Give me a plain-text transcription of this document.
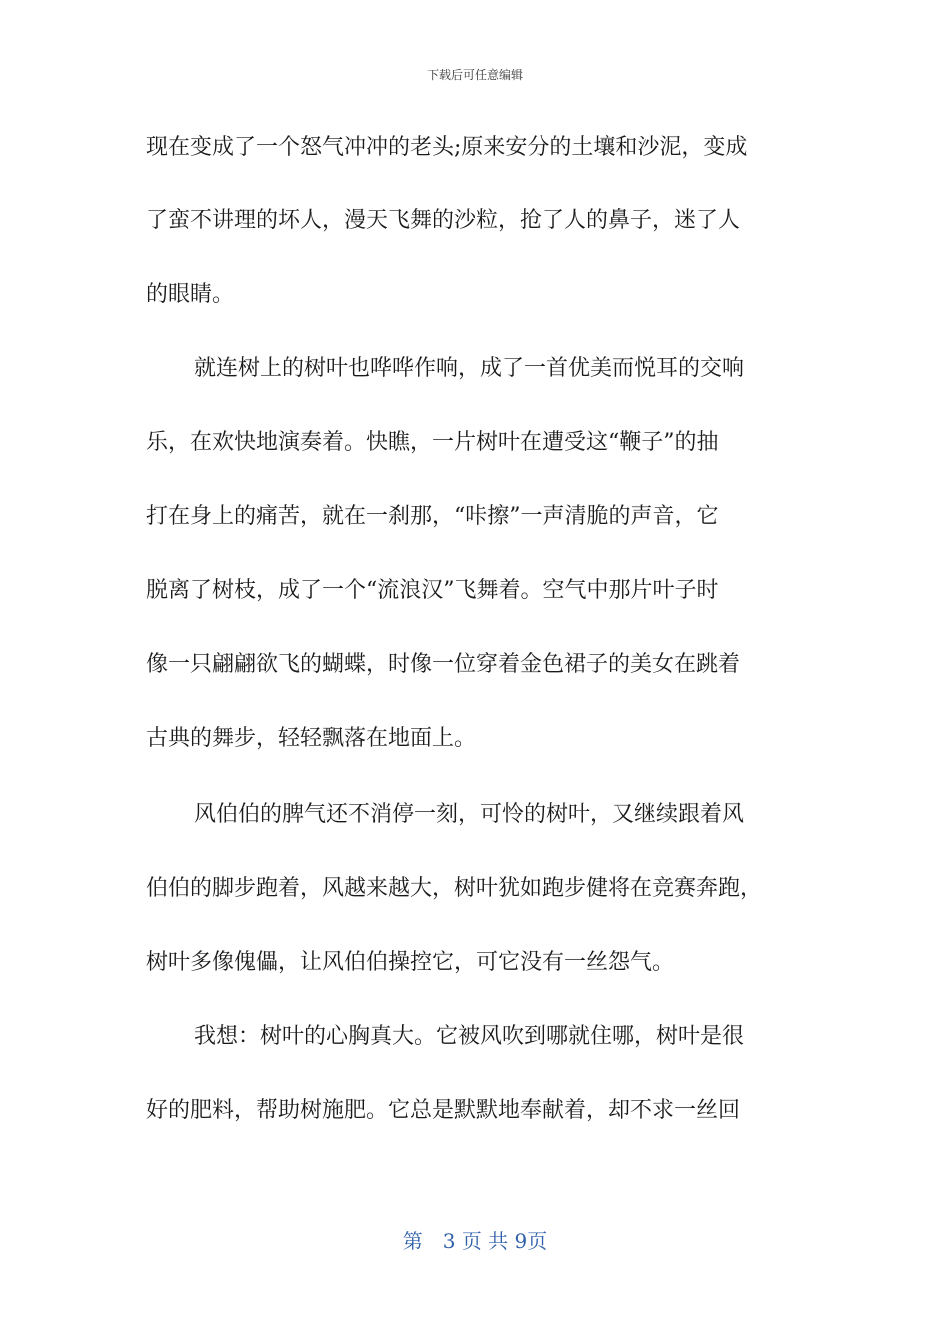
下载后可任意编辑
现在变成了一个怒气冲冲的老头;原来安分的土壤和沙泥，变成
了蛮不讲理的坏人，漫天飞舞的沙粒，抢了人的鼻子，迷了人
的眼睛。
就连树上的树叶也哗哗作响，成了一首优美而悦耳的交响
乐，在欢快地演奏着。快瞧，一片树叶在遭受这“鞭子”的抽
打在身上的痛苦，就在一刹那，“咔擦”一声清脆的声音，它
脱离了树枝，成了一个“流浪汉”飞舞着。空气中那片叶子时
像一只翩翩欲飞的蝴蝶，时像一位穿着金色裙子的美女在跳着
古典的舞步，轻轻飘落在地面上。
风伯伯的脾气还不消停一刻，可怜的树叶，又继续跟着风
伯伯的脚步跑着，风越来越大，树叶犹如跑步健将在竞赛奔跑，
树叶多像傀儡，让风伯伯操控它，可它没有一丝怨气。
我想：树叶的心胸真大。它被风吹到哪就住哪，树叶是很
好的肥料，帮助树施肥。它总是默默地奉献着，却不求一丝回
第　3 页 共 9页
